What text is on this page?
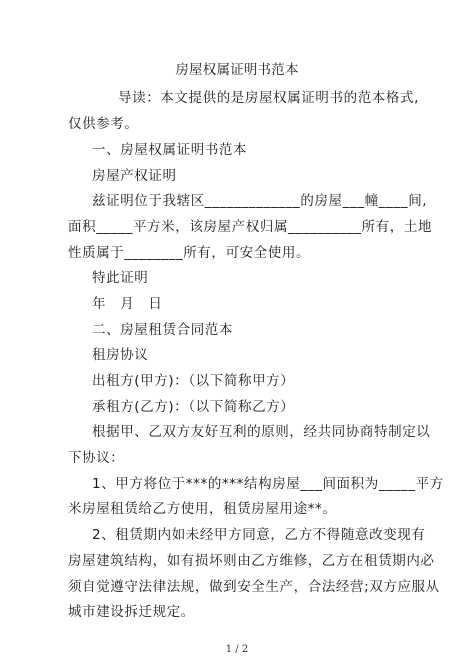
房屋权属证明书范本
导读：本文提供的是房屋权属证明书的范本格式,
仅供参考。
一、房屋权属证明书范本
房屋产权证明
兹证明位于我辖区_____________的房屋___幢____间,
面积_____平方米，该房屋产权归属__________所有，土地
性质属于________所有，可安全使用。
特此证明
年　月　日
二、房屋租赁合同范本
租房协议
出租方(甲方)：（以下简称甲方）
承租方(乙方)：（以下简称乙方）
根据甲、乙双方友好互利的原则，经共同协商特制定以
下协议：
1、甲方将位于***的***结构房屋___间面积为_____平方
米房屋租赁给乙方使用，租赁房屋用途**。
2、租赁期内如未经甲方同意，乙方不得随意改变现有
房屋建筑结构，如有损坏则由乙方维修，乙方在租赁期内必
须自觉遵守法律法规，做到安全生产，合法经营;双方应服从
城市建设拆迁规定。
1 / 2
